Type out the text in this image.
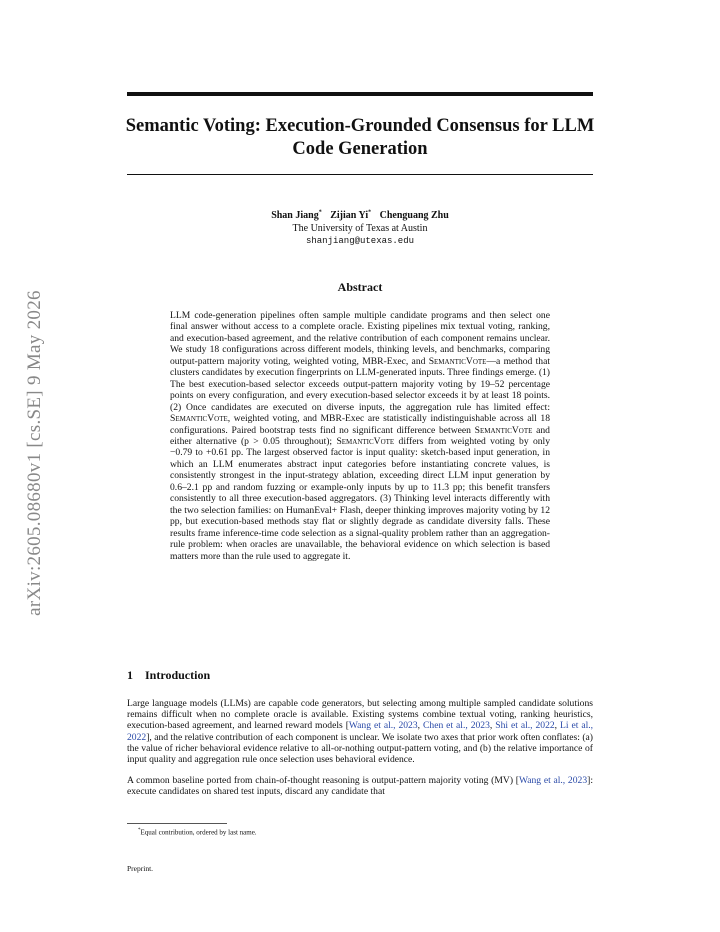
arXiv:2605.08680v1 [cs.SE] 9 May 2026
Semantic Voting: Execution-Grounded Consensus for LLM Code Generation
Shan Jiang* Zijian Yi* Chenguang Zhu
The University of Texas at Austin
shanjiang@utexas.edu
Abstract
LLM code-generation pipelines often sample multiple candidate programs and then select one final answer without access to a complete oracle. Existing pipelines mix textual voting, ranking, and execution-based agreement, and the relative contribution of each component remains unclear. We study 18 configurations across different models, thinking levels, and benchmarks, comparing output-pattern majority voting, weighted voting, MBR-Exec, and SemanticVote—a method that clusters candidates by execution fingerprints on LLM-generated inputs. Three findings emerge. (1) The best execution-based selector exceeds output-pattern majority voting by 19–52 percentage points on every configuration, and every execution-based selector exceeds it by at least 18 points. (2) Once candidates are executed on diverse inputs, the aggregation rule has limited effect: SemanticVote, weighted voting, and MBR-Exec are statistically indistinguishable across all 18 configurations. Paired bootstrap tests find no significant difference between SemanticVote and either alternative (p > 0.05 throughout); SemanticVote differs from weighted voting by only −0.79 to +0.61 pp. The largest observed factor is input quality: sketch-based input generation, in which an LLM enumerates abstract input categories before instantiating concrete values, is consistently strongest in the input-strategy ablation, exceeding direct LLM input generation by 0.6–2.1 pp and random fuzzing or example-only inputs by up to 11.3 pp; this benefit transfers consistently to all three execution-based aggregators. (3) Thinking level interacts differently with the two selection families: on HumanEval+ Flash, deeper thinking improves majority voting by 12 pp, but execution-based methods stay flat or slightly degrade as candidate diversity falls. These results frame inference-time code selection as a signal-quality problem rather than an aggregation-rule problem: when oracles are unavailable, the behavioral evidence on which selection is based matters more than the rule used to aggregate it.
1 Introduction
Large language models (LLMs) are capable code generators, but selecting among multiple sampled candidate solutions remains difficult when no complete oracle is available. Existing systems combine textual voting, ranking heuristics, execution-based agreement, and learned reward models [Wang et al., 2023, Chen et al., 2023, Shi et al., 2022, Li et al., 2022], and the relative contribution of each component is unclear. We isolate two axes that prior work often conflates: (a) the value of richer behavioral evidence relative to all-or-nothing output-pattern voting, and (b) the relative importance of input quality and aggregation rule once selection uses behavioral evidence.
A common baseline ported from chain-of-thought reasoning is output-pattern majority voting (MV) [Wang et al., 2023]: execute candidates on shared test inputs, discard any candidate that
*Equal contribution, ordered by last name.
Preprint.
